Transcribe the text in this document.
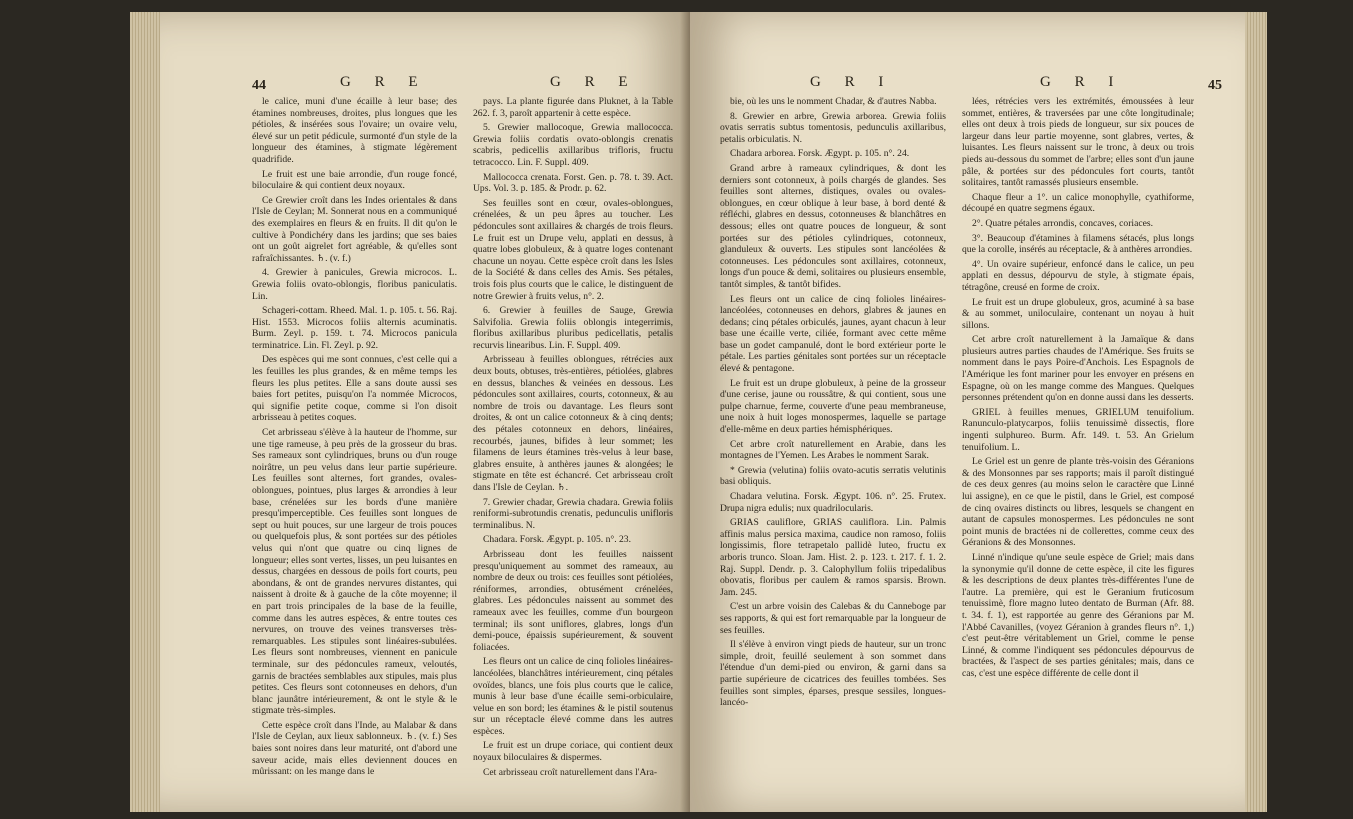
44	G R E	G R E

le calice, muni d'une écaille à leur base; des étamines nombreuses, droites, plus longues que les pétioles, & insérées sous l'ovaire; un ovaire velu, élevé sur un petit pédicule, surmonté d'un style de la longueur des étamines, à stigmate légèrement quadrifide.

Le fruit est une baie arrondie, d'un rouge foncé, biloculaire & qui contient deux noyaux.

Ce Grewier croît dans les Indes orientales & dans l'Isle de Ceylan; M. Sonnerat nous en a communiqué des exemplaires en fleurs & en fruits. Il dit qu'on le cultive à Pondichéry dans les jardins; que ses baies ont un goût aigrelet fort agréable, & qu'elles sont rafraîchissantes. ♄. (v. f.)

4. Grewier à panicules, Grewia microcos. L. Grewia foliis ovato-oblongis, floribus paniculatis. Lin.

Schageri-cottam. Rheed. Mal. 1. p. 105. t. 56. Raj. Hist. 1553. Microcos foliis alternis acuminatis. Burm. Zeyl. p. 159. t. 74. Microcos panicula terminatrice. Lin. Fl. Zeyl. p. 92.

Des espèces qui me sont connues, c'est celle qui a les feuilles les plus grandes, & en même temps les fleurs les plus petites. Elle a sans doute aussi ses baies fort petites, puisqu'on l'a nommée Microcos, qui signifie petite coque, comme si l'on disoit arbrisseau à petites coques.

Cet arbrisseau s'élève à la hauteur de l'homme, sur une tige rameuse, à peu près de la grosseur du bras. Ses rameaux sont cylindriques, bruns ou d'un rouge noirâtre, un peu velus dans leur partie supérieure. Les feuilles sont alternes, fort grandes, ovales-oblongues, pointues, plus larges & arrondies à leur base, crénelées sur les bords d'une manière presqu'imperceptible. Ces feuilles sont longues de sept ou huit pouces, sur une largeur de trois pouces ou quelquefois plus, & sont portées sur des pétioles velus qui n'ont que quatre ou cinq lignes de longueur; elles sont vertes, lisses, un peu luisantes en dessus, chargées en dessous de poils fort courts, peu abondans, & ont de grandes nervures distantes, qui naissent à droite & à gauche de la côte moyenne; il en part trois principales de la base de la feuille, comme dans les autres espèces, & entre toutes ces nervures, on trouve des veines transverses très-remarquables. Les stipules sont linéaires-subulées. Les fleurs sont nombreuses, viennent en panicule terminale, sur des pédoncules rameux, veloutés, garnis de bractées semblables aux stipules, mais plus petites. Ces fleurs sont cotonneuses en dehors, d'un blanc jaunâtre intérieurement, & ont le style & le stigmate très-simples.

Cette espèce croît dans l'Inde, au Malabar & dans l'Isle de Ceylan, aux lieux sablonneux. ♄. (v. f.) Ses baies sont noires dans leur maturité, ont d'abord une saveur acide, mais elles deviennent douces en mûrissant: on les mange dans le

pays. La plante figurée dans Pluknet, à la Table 262. f. 3, paroît appartenir à cette espèce.

5. Grewier mallocoque, Grewia mallococca. Grewia foliis cordatis ovato-oblongis crenatis scabris, pedicellis axillaribus trifloris, fructu tetracocco. Lin. F. Suppl. 409.

Mallococca crenata. Forst. Gen. p. 78. t. 39. Act. Ups. Vol. 3. p. 185. & Prodr. p. 62.

Ses feuilles sont en cœur, ovales-oblongues, crénelées, & un peu âpres au toucher. Les pédoncules sont axillaires & chargés de trois fleurs. Le fruit est un Drupe velu, applati en dessus, à quatre lobes globuleux, & à quatre loges contenant chacune un noyau. Cette espèce croît dans les Isles de la Société & dans celles des Amis. Ses pétales, trois fois plus courts que le calice, le distinguent de notre Grewier à fruits velus, n°. 2.

6. Grewier à feuilles de Sauge, Grewia Salvifolia. Grewia foliis oblongis integerrimis, floribus axillaribus pluribus pedicellatis, petalis recurvis linearibus. Lin. F. Suppl. 409.

Arbrisseau à feuilles oblongues, rétrécies aux deux bouts, obtuses, très-entières, pétiolées, glabres en dessus, blanches & veinées en dessous. Les pédoncules sont axillaires, courts, cotonneux, & au nombre de trois ou davantage. Les fleurs sont droites, & ont un calice cotonneux & à cinq dents; des pétales cotonneux en dehors, linéaires, recourbés, jaunes, bifides à leur sommet; les filamens de leurs étamines très-velus à leur base, glabres ensuite, à anthères jaunes & alongées; le stigmate en tête est échancré. Cet arbrisseau croît dans l'Isle de Ceylan. ♄.

7. Grewier chadar, Grewia chadara. Grewia foliis reniformi-subrotundis crenatis, pedunculis unifloris terminalibus. N.

Chadara. Forsk. Ægypt. p. 105. n°. 23.

Arbrisseau dont les feuilles naissent presqu'uniquement au sommet des rameaux, au nombre de deux ou trois: ces feuilles sont pétiolées, réniformes, arrondies, obtusément crénelées, glabres. Les pédoncules naissent au sommet des rameaux avec les feuilles, comme d'un bourgeon terminal; ils sont uniflores, glabres, longs d'un demi-pouce, épaissis supérieurement, & souvent foliacées.

Les fleurs ont un calice de cinq folioles linéaires-lancéolées, blanchâtres intérieurement, cinq pétales ovoïdes, blancs, une fois plus courts que le calice, munis à leur base d'une écaille semi-orbiculaire, velue en son bord; les étamines & le pistil soutenus sur un réceptacle élevé comme dans les autres espèces.

Le fruit est un drupe coriace, qui contient deux noyaux biloculaires & dispermes.

Cet arbrisseau croît naturellement dans l'Ara-

G R I	G R I	45

bie, où les uns le nomment Chadar, & d'autres Nabba.

8. Grewier en arbre, Grewia arborea. Grewia foliis ovatis serratis subtus tomentosis, pedunculis axillaribus, petalis orbiculatis. N.

Chadara arborea. Forsk. Ægypt. p. 105. n°. 24.

Grand arbre à rameaux cylindriques, & dont les derniers sont cotonneux, à poils chargés de glandes. Ses feuilles sont alternes, distiques, ovales ou ovales-oblongues, en cœur oblique à leur base, à bord denté & réfléchi, glabres en dessus, cotonneuses & blanchâtres en dessous; elles ont quatre pouces de longueur, & sont portées sur des pétioles cylindriques, cotonneux, glanduleux & ouverts. Les stipules sont lancéolées & cotonneuses. Les pédoncules sont axillaires, cotonneux, longs d'un pouce & demi, solitaires ou plusieurs ensemble, tantôt simples, & tantôt bifides.

Les fleurs ont un calice de cinq folioles linéaires-lancéolées, cotonneuses en dehors, glabres & jaunes en dedans; cinq pétales orbiculés, jaunes, ayant chacun à leur base une écaille verte, ciliée, formant avec cette même base un godet campanulé, dont le bord extérieur porte le pétale. Les parties génitales sont portées sur un réceptacle élevé & pentagone.

Le fruit est un drupe globuleux, à peine de la grosseur d'une cerise, jaune ou roussâtre, & qui contient, sous une pulpe charnue, ferme, couverte d'une peau membraneuse, une noix à huit loges monospermes, laquelle se partage d'elle-même en deux parties hémisphériques.

Cet arbre croît naturellement en Arabie, dans les montagnes de l'Yemen. Les Arabes le nomment Sarak.

* Grewia (velutina) foliis ovato-acutis serratis velutinis basi obliquis.

Chadara velutina. Forsk. Ægypt. 106. n°. 25. Frutex. Drupa nigra edulis; nux quadrilocularis.

GRIAS cauliflore, GRIAS cauliflora. Lin. Palmis affinis malus persica maxima, caudice non ramoso, foliis longissimis, flore tetrapetalo pallidè luteo, fructu ex arboris trunco. Sloan. Jam. Hist. 2. p. 123. t. 217. f. 1. 2. Raj. Suppl. Dendr. p. 3. Calophyllum foliis tripedalibus obovatis, floribus per caulem & ramos sparsis. Brown. Jam. 245.

C'est un arbre voisin des Calebas & du Canneboge par ses rapports, & qui est fort remarquable par la longueur de ses feuilles.

Il s'élève à environ vingt pieds de hauteur, sur un tronc simple, droit, feuillé seulement à son sommet dans l'étendue d'un demi-pied ou environ, & garni dans sa partie supérieure de cicatrices des feuilles tombées. Ses feuilles sont simples, éparses, presque sessiles, longues-lancéo-

lées, rétrécies vers les extrémités, émoussées à leur sommet, entières, & traversées par une côte longitudinale; elles ont deux à trois pieds de longueur, sur six pouces de largeur dans leur partie moyenne, sont glabres, vertes, & luisantes. Les fleurs naissent sur le tronc, à deux ou trois pieds au-dessous du sommet de l'arbre; elles sont d'un jaune pâle, & portées sur des pédoncules fort courts, tantôt solitaires, tantôt ramassés plusieurs ensemble.

Chaque fleur a 1°. un calice monophylle, cyathiforme, découpé en quatre segmens égaux.

2°. Quatre pétales arrondis, concaves, coriaces.

3°. Beaucoup d'étamines à filamens sétacés, plus longs que la corolle, insérés au réceptacle, & à anthères arrondies.

4°. Un ovaire supérieur, enfoncé dans le calice, un peu applati en dessus, dépourvu de style, à stigmate épais, tétragône, creusé en forme de croix.

Le fruit est un drupe globuleux, gros, acuminé à sa base & au sommet, uniloculaire, contenant un noyau à huit sillons.

Cet arbre croît naturellement à la Jamaïque & dans plusieurs autres parties chaudes de l'Amérique. Ses fruits se nomment dans le pays Poire-d'Anchois. Les Espagnols de l'Amérique les font mariner pour les envoyer en présens en Espagne, où on les mange comme des Mangues. Quelques personnes prétendent qu'on en donne aussi dans les desserts.

GRIEL à feuilles menues, GRIELUM tenuifolium. Ranunculo-platycarpos, foliis tenuissimè dissectis, flore ingenti sulphureo. Burm. Afr. 149. t. 53. An Grielum tenuifolium. L.

Le Griel est un genre de plante très-voisin des Géranions & des Monsonnes par ses rapports; mais il paroît distingué de ces deux genres (au moins selon le caractère que Linné lui assigne), en ce que le pistil, dans le Griel, est composé de cinq ovaires distincts ou libres, lesquels se changent en autant de capsules monospermes. Les pédoncules ne sont point munis de bractées ni de collerettes, comme ceux des Géranions & des Monsonnes.

Linné n'indique qu'une seule espèce de Griel; mais dans la synonymie qu'il donne de cette espèce, il cite les figures & les descriptions de deux plantes très-différentes l'une de l'autre. La première, qui est le Geranium fruticosum tenuissimè, flore magno luteo dentato de Burman (Afr. 88. t. 34. f. 1), est rapportée au genre des Géranions par M. l'Abbé Cavanilles, (voyez Géranion à grandes fleurs n°. 1,) c'est peut-être véritablement un Griel, comme le pense Linné, & comme l'indiquent ses pédoncules dépourvus de bractées, & l'aspect de ses parties génitales; mais, dans ce cas, c'est une espèce différente de celle dont il
